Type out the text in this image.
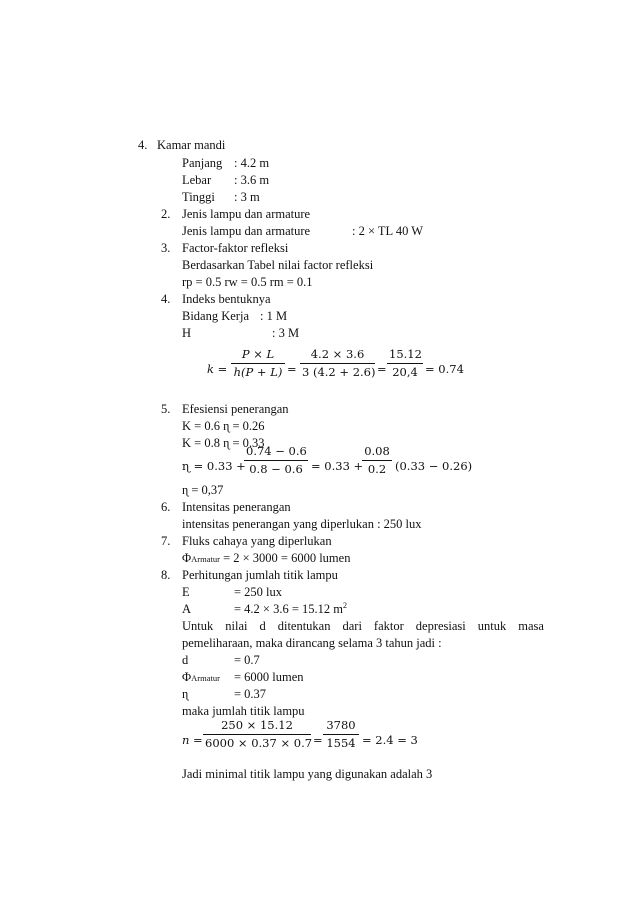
4. Kamar mandi
Panjang : 4.2 m
Lebar : 3.6 m
Tinggi : 3 m
2. Jenis lampu dan armature
Jenis lampu dan armature	: 2 × TL 40 W
3. Factor-faktor refleksi
Berdasarkan Tabel nilai factor refleksi
rp = 0.5 rw = 0.5 rm = 0.1
4. Indeks bentuknya
Bidang Kerja : 1 M
H	: 3 M
$k = \frac{P \times L}{h(P + L)} = \frac{4.2 \times 3.6}{3 (4.2 + 2.6)} = \frac{15.12}{20,4} = 0.74$
5. Efesiensi penerangan
K = 0.6 ɳ = 0.26
K = 0.8 ɳ = 0.33
ɳ = 0.33 +
$\frac{0.74 - 0.6}{0.8 - 0.6} = 0.33$ +
$\frac{0.08}{0.2} (0.33 - 0.26)$
ɳ = 0,37
6. Intensitas penerangan
intensitas penerangan yang diperlukan : 250 lux
7. Fluks cahaya yang diperlukan
ΦArmatur = 2 × 3000 = 6000 lumen
8. Perhitungan jumlah titik lampu
E	= 250 lux
A	= 4.2 × 3.6 = 15.12 $m^2$
Untuk nilai d ditentukan dari faktor depresiasi untuk masa
pemeliharaan, maka dirancang selama 3 tahun jadi :
d	= 0.7
ΦArmatur = 6000 lumen
ɳ	= 0.37
maka jumlah titik lampu
$n = \frac{250 \times 15.12}{6000 \times 0.37 \times 0.7} = \frac{3780}{1554} = 2.4 = 3$
Jadi minimal titik lampu yang digunakan adalah 3
